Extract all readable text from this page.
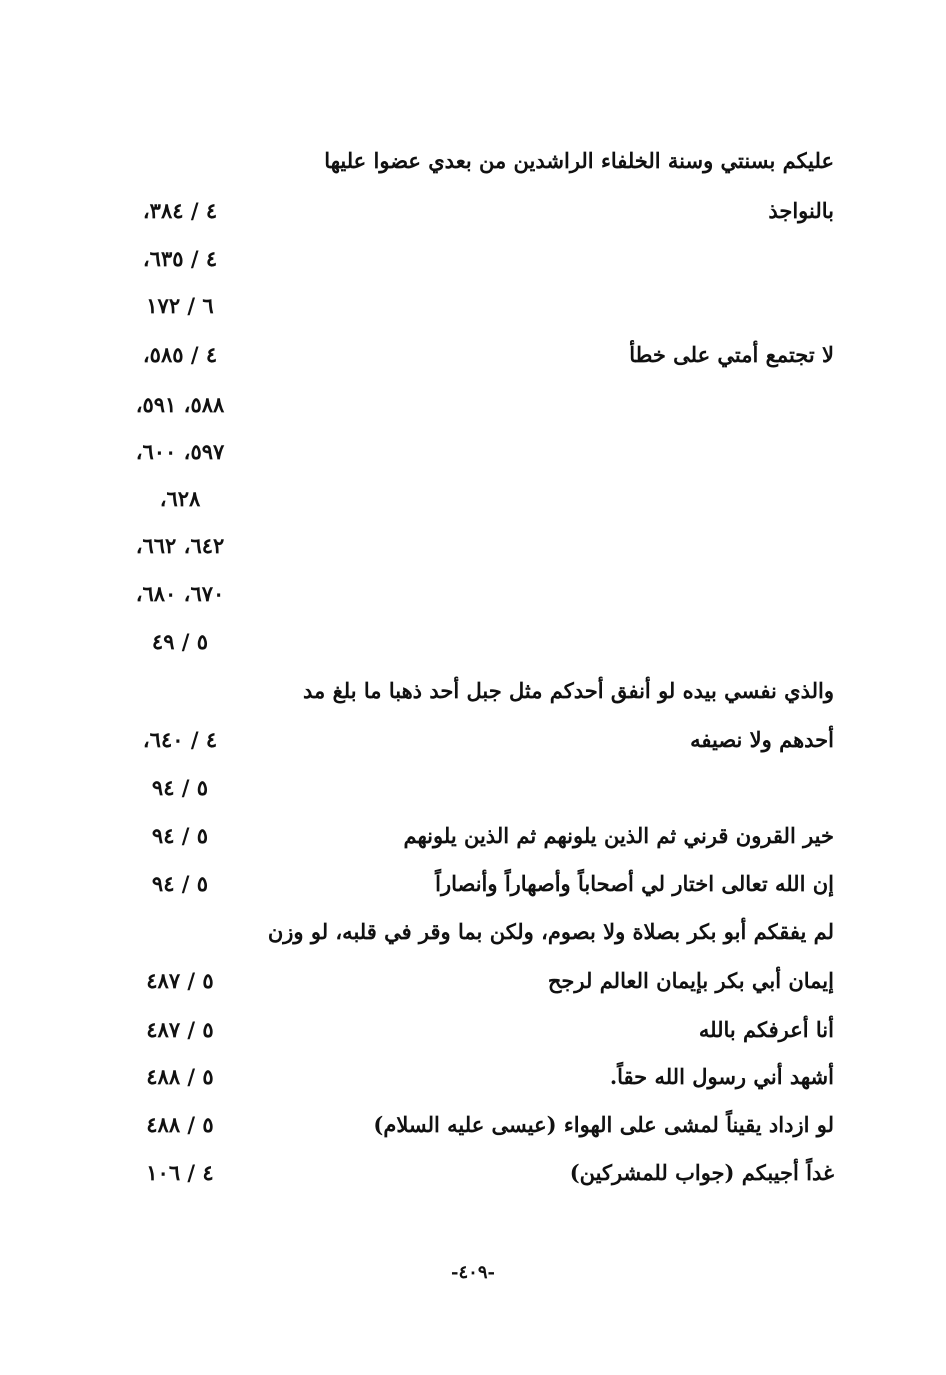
عليكم بسنتي وسنة الخلفاء الراشدين من بعدي عضوا عليها
بالنواجذ
٤ / ٣٨٤،
٤ / ٦٣٥،
٦ / ١٧٢
لا تجتمع أمتي على خطأ
٤ / ٥٨٥،
٥٨٨، ٥٩١،
٥٩٧، ٦٠٠،
٦٢٨،
٦٤٢، ٦٦٢،
٦٧٠، ٦٨٠،
٥ / ٤٩
والذي نفسي بيده لو أنفق أحدكم مثل جبل أحد ذهبا ما بلغ مد
أحدهم ولا نصيفه
٤ / ٦٤٠،
٥ / ٩٤
خير القرون قرني ثم الذين يلونهم ثم الذين يلونهم
٥ / ٩٤
إن الله تعالى اختار لي أصحاباً وأصهاراً وأنصاراً
٥ / ٩٤
لم يفقكم أبو بكر بصلاة ولا بصوم، ولكن بما وقر في قلبه، لو وزن
إيمان أبي بكر بإيمان العالم لرجح
٥ / ٤٨٧
أنا أعرفكم بالله
٥ / ٤٨٧
أشهد أني رسول الله حقاً.
٥ / ٤٨٨
لو ازداد يقيناً لمشى على الهواء (عيسى عليه السلام)
٥ / ٤٨٨
غداً أجيبكم (جواب للمشركين)
٤ / ١٠٦
-٤٠٩-
